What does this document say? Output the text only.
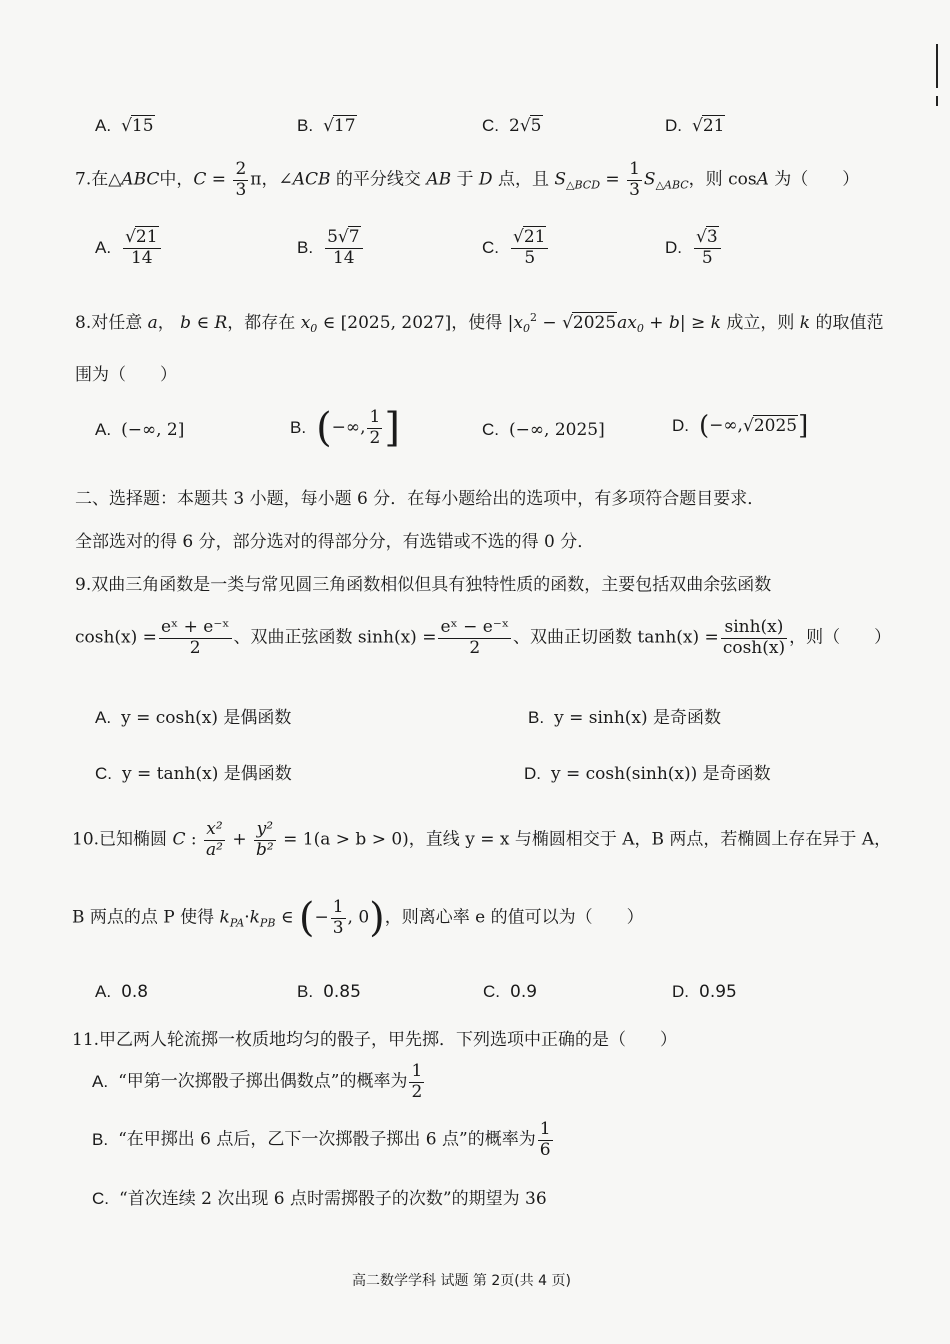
A. √15	B. √17	C. 2√5	D. √21
7.在△ABC中，$C = \frac{2}{3}$ π，∠ACB 的平分线交 AB 于 D 点，且 $S_{\triangle BCD} = \frac{1}{3} S_{\triangle ABC}$，则 cosA 为（　　）
A. $\frac{√21}{14}$	B. $\frac{5√7}{14}$	C. $\frac{√21}{5}$	D. $\frac{√3}{5}$
8.对任意 a， b ∈ R，都存在 $x_0$ ∈ [2025, 2027]，使得 $|x_0^2 - √2025ax_0 + b| \ge k$ 成立，则 k 的取值范
围为（　　）
A. (−∞, 2]	B. (−∞, $\frac{1}{2}$ ]	C. (−∞, 2025]	D. (−∞,√2025]
二、选择题：本题共 3 小题，每小题 6 分．在每小题给出的选项中，有多项符合题目要求．
全部选对的得 6 分，部分选对的得部分分，有选错或不选的得 0 分．
9.双曲三角函数是一类与常见圆三角函数相似但具有独特性质的函数，主要包括双曲余弦函数
$\cosh(x) = \frac{\text{eˣ + e⁻ˣ}}{2}$ 、双曲正弦函数 $\sinh(x) = \frac{\text{eˣ − e⁻ˣ}}{2}$ 、双曲正切函数 $\tanh(x) = \frac{\sinh(x)}{\cosh(x)}$ ，则（　　）
A. y = cosh(x) 是偶函数	B. y = sinh(x) 是奇函数
C. y = tanh(x) 是偶函数	D. y = cosh(sinh(x)) 是奇函数
10.已知椭圆 C : $\frac{\text{x²}}{\text{a²}} + \frac{\text{y²}}{\text{b²}} = 1(a > b > 0)$，直线 y = x 与椭圆相交于 A，B 两点，若椭圆上存在异于 A，
B 两点的点 P 使得 $k_{PA}\cdot k_{PB}$ ∈ (− $\frac{1}{3}$ , 0)，则离心率 e 的值可以为（　　）
A. 0.8	B. 0.85	C. 0.9	D. 0.95
11.甲乙两人轮流掷一枚质地均匀的骰子，甲先掷．下列选项中正确的是（　　）
A. “甲第一次掷骰子掷出偶数点”的概率为 $\frac{1}{2}$
B. “在甲掷出 6 点后，乙下一次掷骰子掷出 6 点”的概率为 $\frac{1}{6}$
C. “首次连续 2 次出现 6 点时需掷骰子的次数”的期望为 36
高二数学学科 试题 第 2页(共 4 页)
